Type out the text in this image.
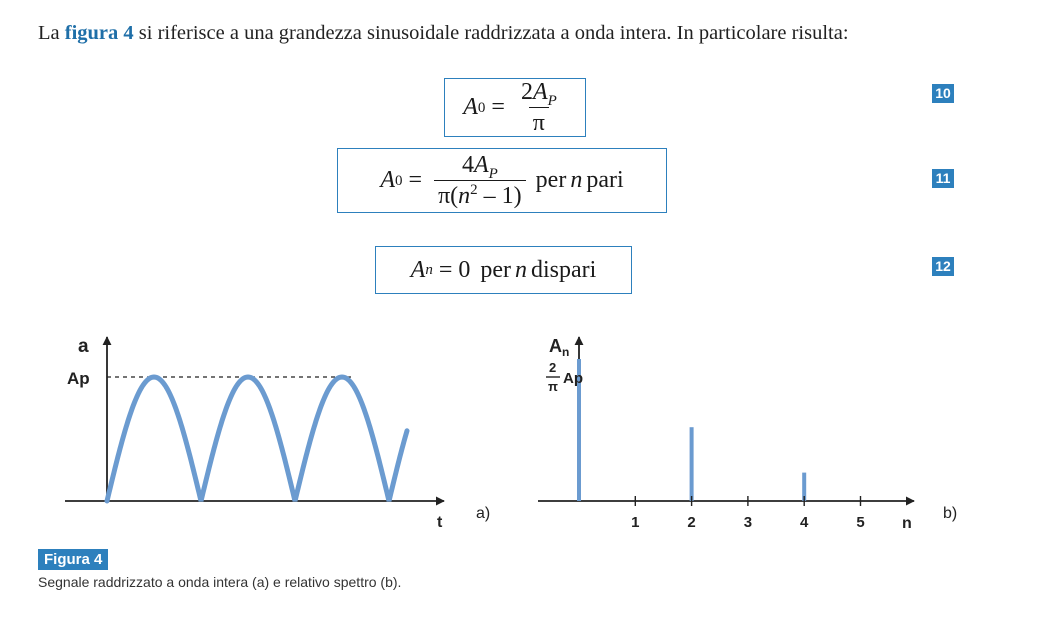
La figura 4 si riferisce a una grandezza sinusoidale raddrizzata a onda intera. In particolare risulta:

A $0 = \frac{2A_P}{\pi}$	10
A $0 = \frac{4A_P}{\pi(n^2 - 1)}$ per n pari	11
A n = 0 per n dispari	12
a
Ap
t
a)
1	2	3	4	5
$A_n$
2
π Ap
n
b)
Figura 4
Segnale raddrizzato a onda intera (a) e relativo spettro (b).
